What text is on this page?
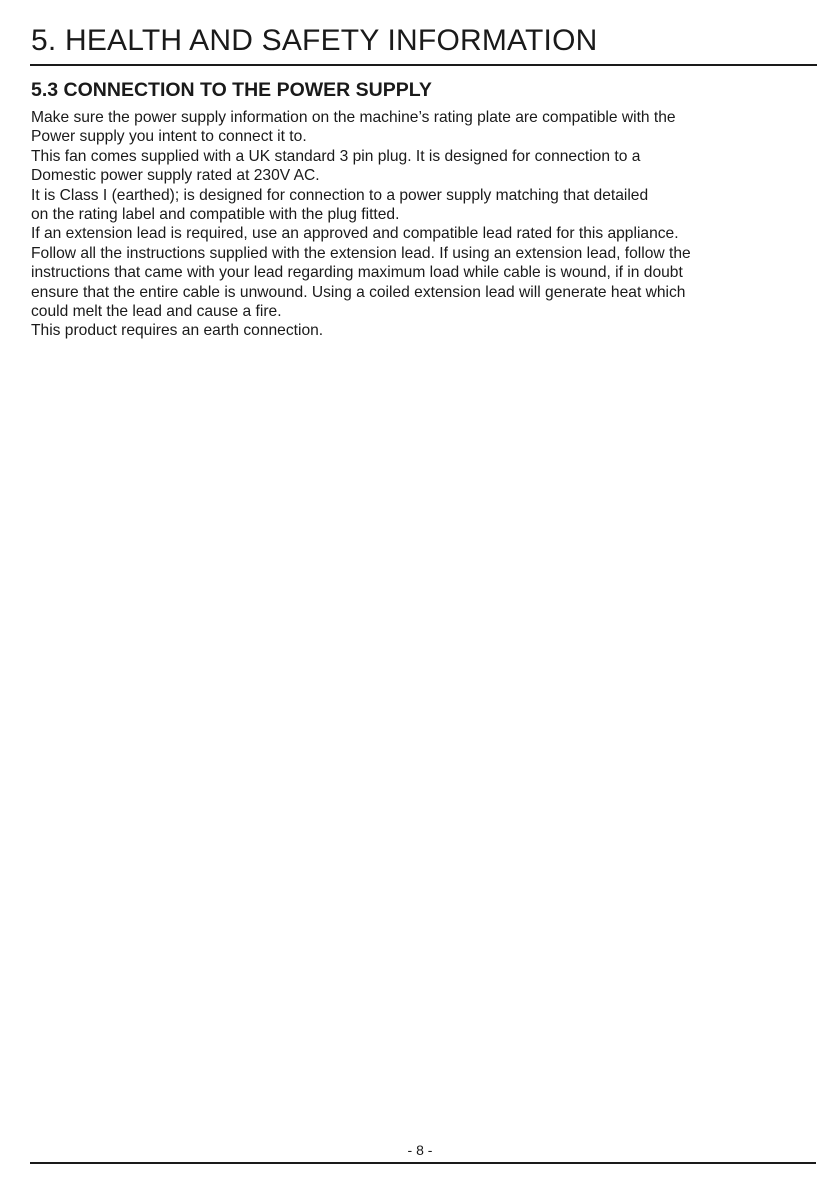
5. HEALTH AND SAFETY INFORMATION
5.3 CONNECTION TO THE POWER SUPPLY
Make sure the power supply information on the machine’s rating plate are compatible with the
Power supply you intent to connect it to.
This fan comes supplied with a UK standard 3 pin plug. It is designed for connection to a
Domestic power supply rated at 230V AC.
It is Class I (earthed); is designed for connection to a power supply matching that detailed
on the rating label and compatible with the plug fitted.
If an extension lead is required, use an approved and compatible lead rated for this appliance.
Follow all the instructions supplied with the extension lead. If using an extension lead, follow the
instructions that came with your lead regarding maximum load while cable is wound, if in doubt
ensure that the entire cable is unwound. Using a coiled extension lead will generate heat which
could melt the lead and cause a fire.
This product requires an earth connection.
- 8 -
